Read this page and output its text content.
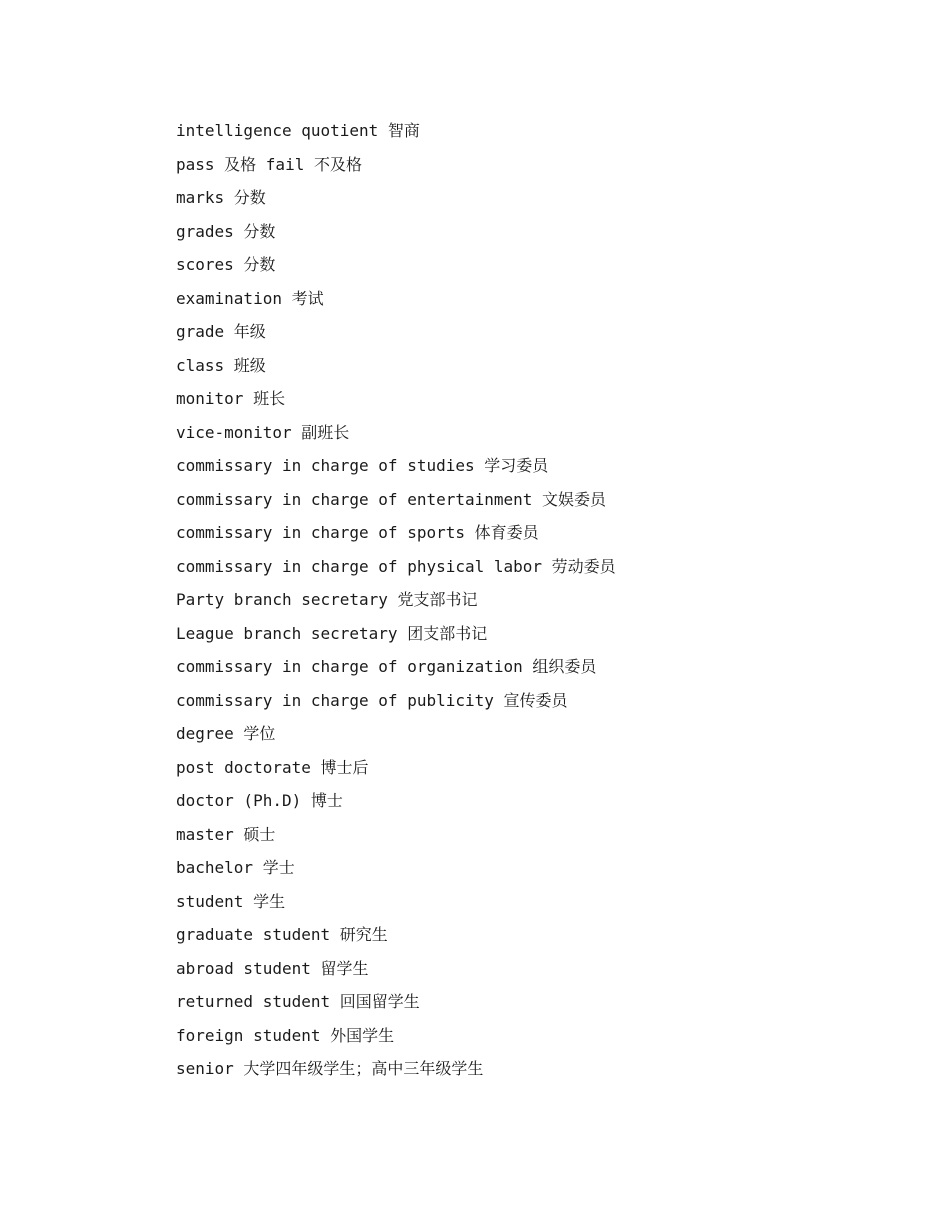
intelligence quotient 智商
pass 及格 fail 不及格
marks 分数
grades 分数
scores 分数
examination 考试
grade 年级
class 班级
monitor 班长
vice-monitor 副班长
commissary in charge of studies 学习委员
commissary in charge of entertainment 文娱委员
commissary in charge of sports 体育委员
commissary in charge of physical labor 劳动委员
Party branch secretary 党支部书记
League branch secretary 团支部书记
commissary in charge of organization 组织委员
commissary in charge of publicity 宣传委员
degree 学位
post doctorate 博士后
doctor (Ph.D) 博士
master 硕士
bachelor 学士
student 学生
graduate student 研究生
abroad student 留学生
returned student 回国留学生
foreign student 外国学生
senior 大学四年级学生；高中三年级学生
